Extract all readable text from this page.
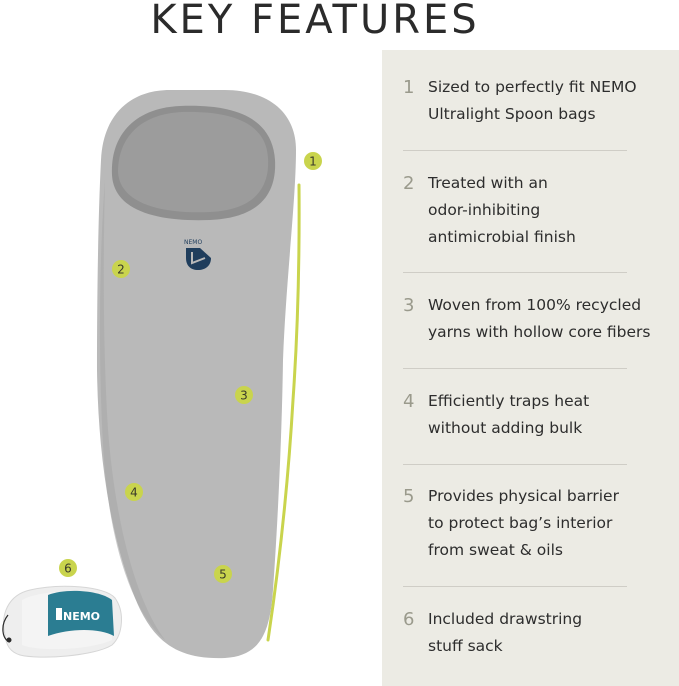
KEY FEATURES
NEMO
NEMO
1
2
3
4
5
6
1 Sized to perfectly fit NEMO
Ultralight Spoon bags
2 Treated with an
odor-inhibiting
antimicrobial finish
3 Woven from 100% recycled
yarns with hollow core fibers
4 Efficiently traps heat
without adding bulk
5 Provides physical barrier
to protect bag’s interior
from sweat & oils
6 Included drawstring
stuff sack
